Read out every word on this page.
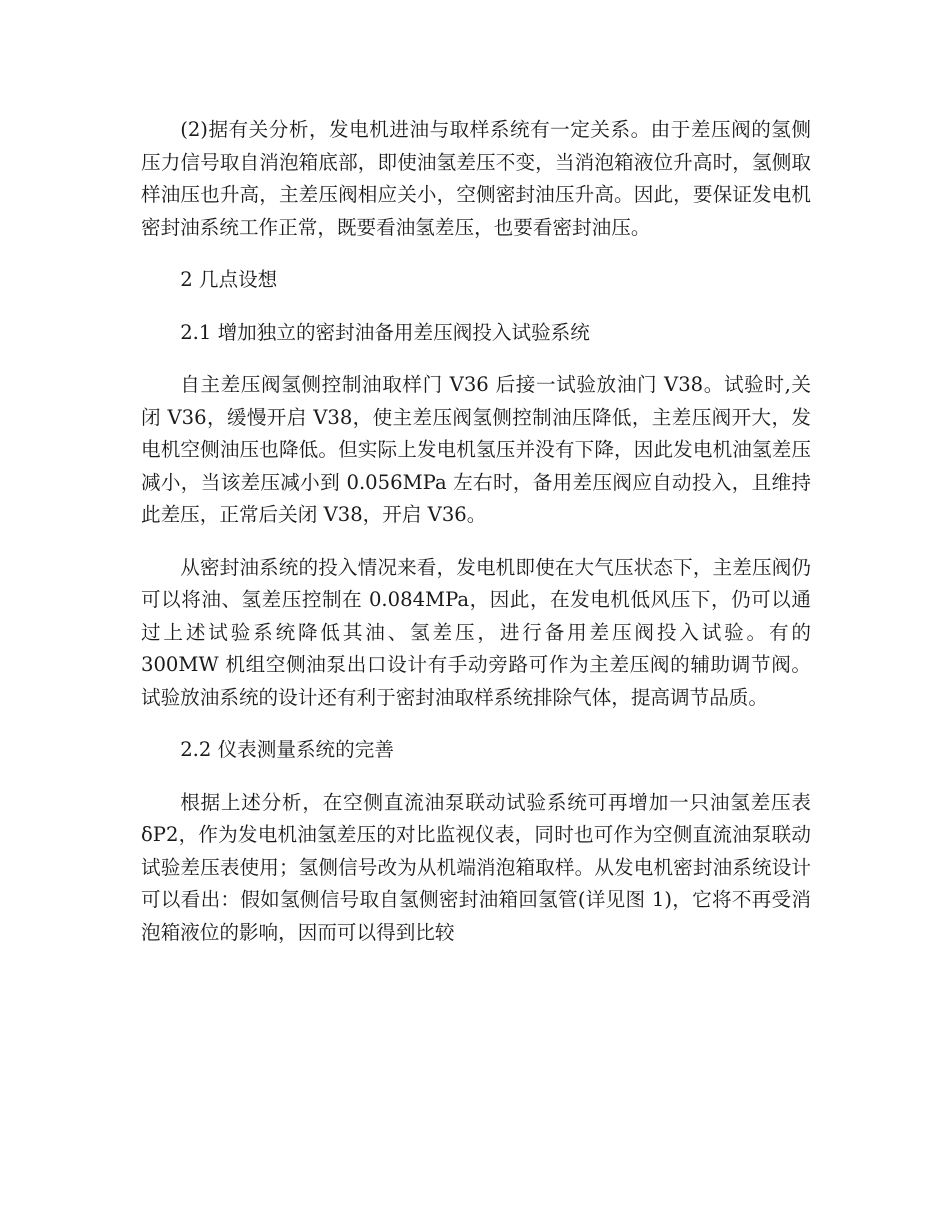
(2)据有关分析，发电机进油与取样系统有一定关系。由于差压阀的氢侧压力信号取自消泡箱底部，即使油氢差压不变，当消泡箱液位升高时，氢侧取样油压也升高，主差压阀相应关小，空侧密封油压升高。因此，要保证发电机密封油系统工作正常，既要看油氢差压，也要看密封油压。

2 几点设想

2.1 增加独立的密封油备用差压阀投入试验系统

自主差压阀氢侧控制油取样门 V36 后接一试验放油门 V38。试验时,关闭 V36，缓慢开启 V38，使主差压阀氢侧控制油压降低，主差压阀开大，发电机空侧油压也降低。但实际上发电机氢压并没有下降，因此发电机油氢差压减小，当该差压减小到 0.056MPa 左右时，备用差压阀应自动投入，且维持此差压，正常后关闭 V38，开启 V36。

从密封油系统的投入情况来看，发电机即使在大气压状态下，主差压阀仍可以将油、氢差压控制在 0.084MPa，因此，在发电机低风压下，仍可以通过上述试验系统降低其油、氢差压，进行备用差压阀投入试验。有的 300MW 机组空侧油泵出口设计有手动旁路可作为主差压阀的辅助调节阀。试验放油系统的设计还有利于密封油取样系统排除气体，提高调节品质。

2.2 仪表测量系统的完善

根据上述分析，在空侧直流油泵联动试验系统可再增加一只油氢差压表 δP2，作为发电机油氢差压的对比监视仪表，同时也可作为空侧直流油泵联动试验差压表使用；氢侧信号改为从机端消泡箱取样。从发电机密封油系统设计可以看出：假如氢侧信号取自氢侧密封油箱回氢管(详见图 1)，它将不再受消泡箱液位的影响，因而可以得到比较
